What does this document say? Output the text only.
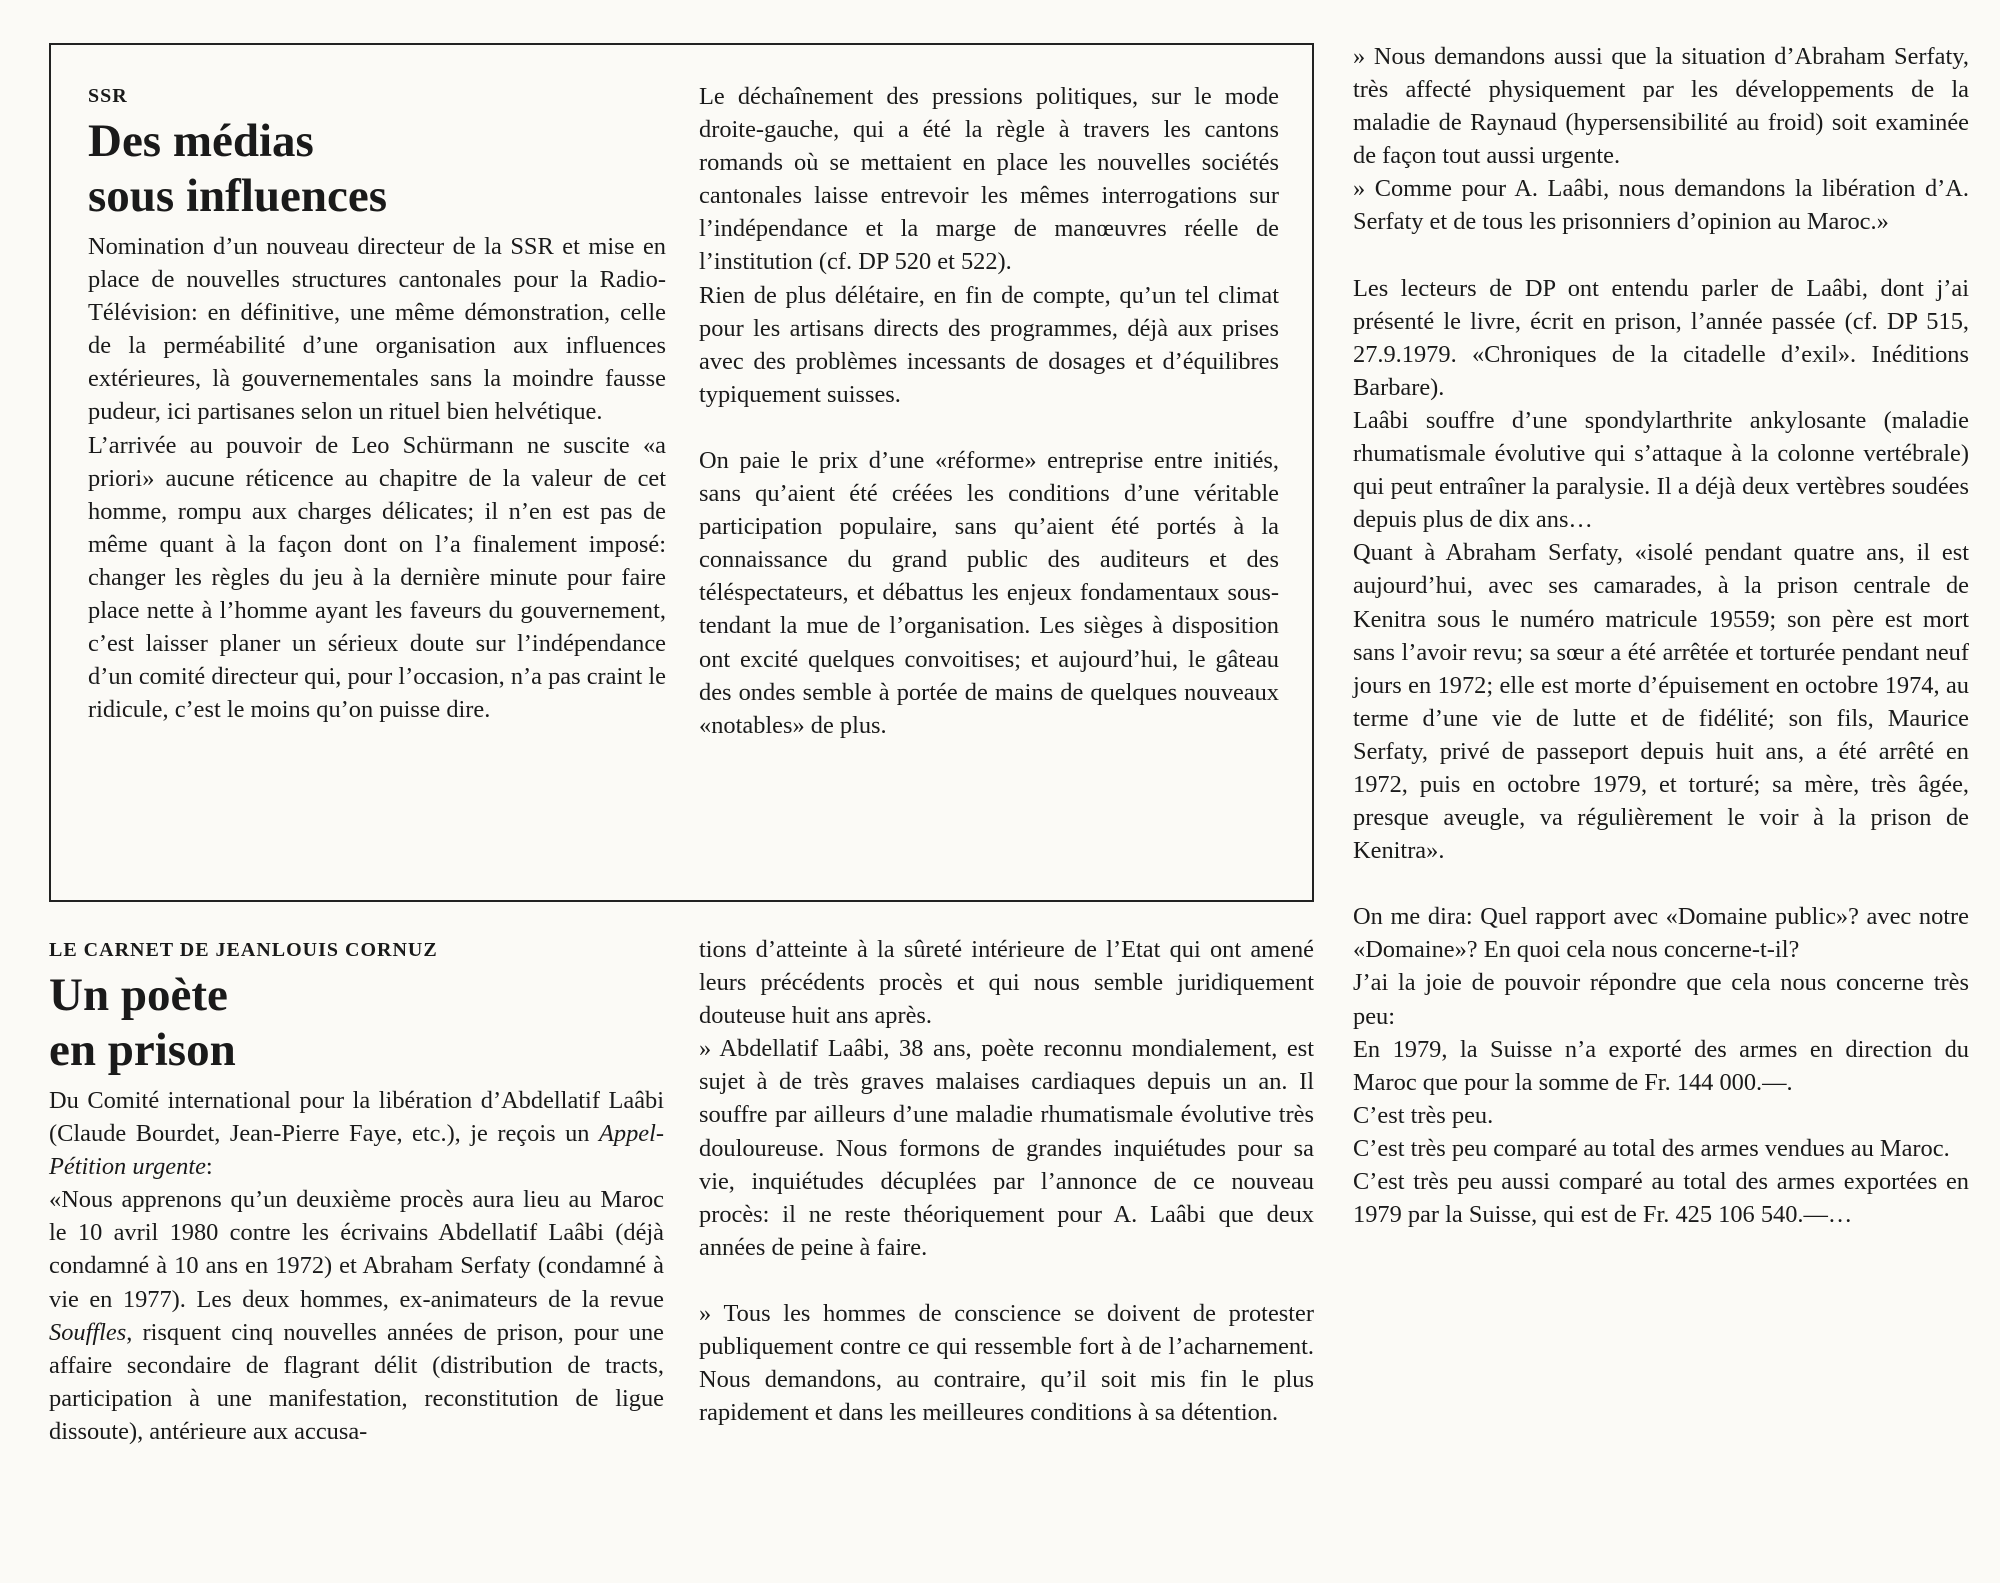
SSR
Des médias
sous influences

Nomination d’un nouveau directeur de la SSR et mise en place de nouvelles structures cantonales pour la Radio-Télévision: en définitive, une même démonstration, celle de la perméabilité d’une organisation aux influences extérieures, là gouvernementales sans la moindre fausse pudeur, ici partisanes selon un rituel bien helvétique.

L’arrivée au pouvoir de Leo Schürmann ne suscite «a priori» aucune réticence au chapitre de la valeur de cet homme, rompu aux charges délicates; il n’en est pas de même quant à la façon dont on l’a finalement imposé: changer les règles du jeu à la dernière minute pour faire place nette à l’homme ayant les faveurs du gouvernement, c’est laisser planer un sérieux doute sur l’indépendance d’un comité directeur qui, pour l’occasion, n’a pas craint le ridicule, c’est le moins qu’on puisse dire.

Le déchaînement des pressions politiques, sur le mode droite-gauche, qui a été la règle à travers les cantons romands où se mettaient en place les nouvelles sociétés cantonales laisse entrevoir les mêmes interrogations sur l’indépendance et la marge de manœuvres réelle de l’institution (cf. DP 520 et 522).

Rien de plus délétaire, en fin de compte, qu’un tel climat pour les artisans directs des programmes, déjà aux prises avec des problèmes incessants de dosages et d’équilibres typiquement suisses.

On paie le prix d’une «réforme» entreprise entre initiés, sans qu’aient été créées les conditions d’une véritable participation populaire, sans qu’aient été portés à la connaissance du grand public des auditeurs et des téléspectateurs, et débattus les enjeux fondamentaux sous-tendant la mue de l’organisation. Les sièges à disposition ont excité quelques convoitises; et aujourd’hui, le gâteau des ondes semble à portée de mains de quelques nouveaux «notables» de plus.

LE CARNET DE JEANLOUIS CORNUZ
Un poète
en prison

Du Comité international pour la libération d’Abdellatif Laâbi (Claude Bourdet, Jean-Pierre Faye, etc.), je reçois un Appel-Pétition urgente:

«Nous apprenons qu’un deuxième procès aura lieu au Maroc le 10 avril 1980 contre les écrivains Abdellatif Laâbi (déjà condamné à 10 ans en 1972) et Abraham Serfaty (condamné à vie en 1977). Les deux hommes, ex-animateurs de la revue Souffles, risquent cinq nouvelles années de prison, pour une affaire secondaire de flagrant délit (distribution de tracts, participation à une manifestation, reconstitution de ligue dissoute), antérieure aux accusa-

tions d’atteinte à la sûreté intérieure de l’Etat qui ont amené leurs précédents procès et qui nous semble juridiquement douteuse huit ans après.

» Abdellatif Laâbi, 38 ans, poète reconnu mondialement, est sujet à de très graves malaises cardiaques depuis un an. Il souffre par ailleurs d’une maladie rhumatismale évolutive très douloureuse. Nous formons de grandes inquiétudes pour sa vie, inquiétudes décuplées par l’annonce de ce nouveau procès: il ne reste théoriquement pour A. Laâbi que deux années de peine à faire.

» Tous les hommes de conscience se doivent de protester publiquement contre ce qui ressemble fort à de l’acharnement. Nous demandons, au contraire, qu’il soit mis fin le plus rapidement et dans les meilleures conditions à sa détention.

» Nous demandons aussi que la situation d’Abraham Serfaty, très affecté physiquement par les développements de la maladie de Raynaud (hypersensibilité au froid) soit examinée de façon tout aussi urgente.

» Comme pour A. Laâbi, nous demandons la libération d’A. Serfaty et de tous les prisonniers d’opinion au Maroc.»

Les lecteurs de DP ont entendu parler de Laâbi, dont j’ai présenté le livre, écrit en prison, l’année passée (cf. DP 515, 27.9.1979. «Chroniques de la citadelle d’exil». Inéditions Barbare).

Laâbi souffre d’une spondylarthrite ankylosante (maladie rhumatismale évolutive qui s’attaque à la colonne vertébrale) qui peut entraîner la paralysie. Il a déjà deux vertèbres soudées depuis plus de dix ans…

Quant à Abraham Serfaty, «isolé pendant quatre ans, il est aujourd’hui, avec ses camarades, à la prison centrale de Kenitra sous le numéro matricule 19559; son père est mort sans l’avoir revu; sa sœur a été arrêtée et torturée pendant neuf jours en 1972; elle est morte d’épuisement en octobre 1974, au terme d’une vie de lutte et de fidélité; son fils, Maurice Serfaty, privé de passeport depuis huit ans, a été arrêté en 1972, puis en octobre 1979, et torturé; sa mère, très âgée, presque aveugle, va régulièrement le voir à la prison de Kenitra».

On me dira: Quel rapport avec «Domaine public»? avec notre «Domaine»? En quoi cela nous concerne-t-il?

J’ai la joie de pouvoir répondre que cela nous concerne très peu:

En 1979, la Suisse n’a exporté des armes en direction du Maroc que pour la somme de Fr. 144 000.—.

C’est très peu.

C’est très peu comparé au total des armes vendues au Maroc.

C’est très peu aussi comparé au total des armes exportées en 1979 par la Suisse, qui est de Fr. 425 106 540.—…
